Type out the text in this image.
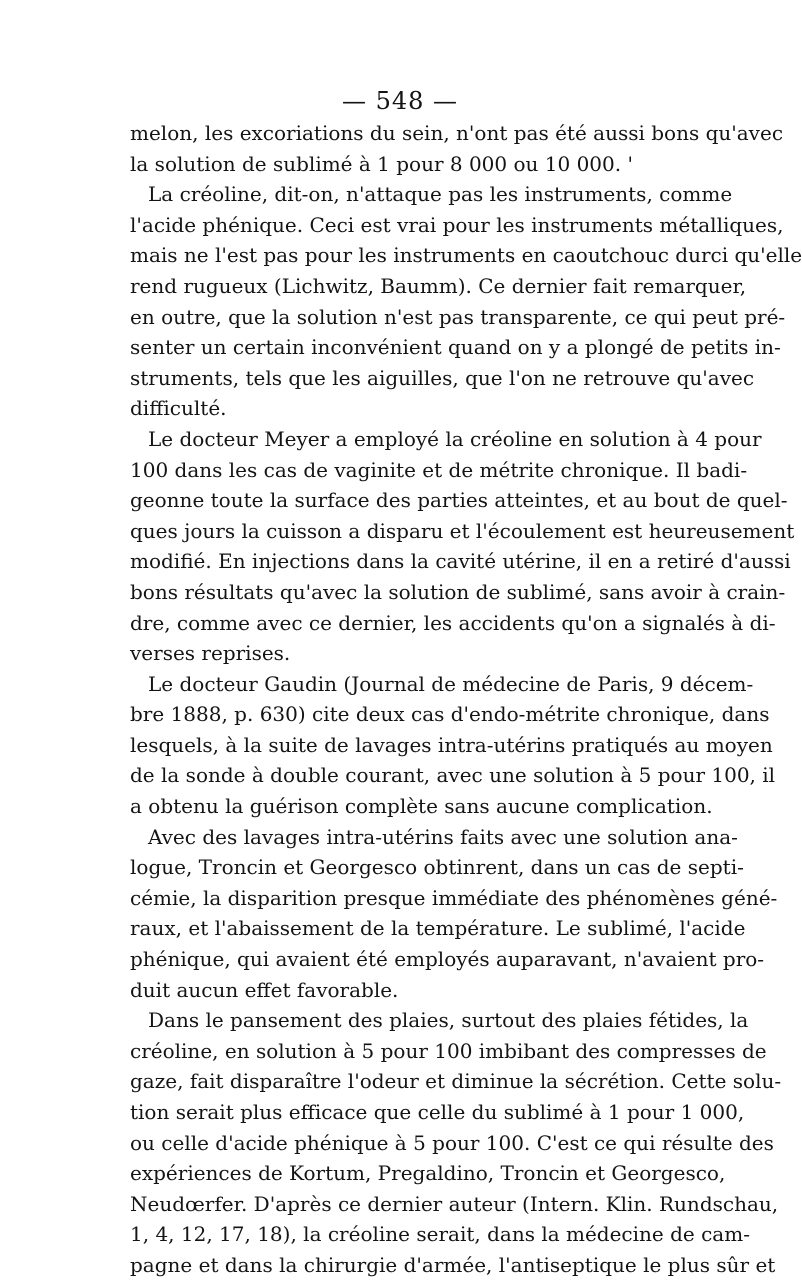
— 548 —

melon, les excoriations du sein, n'ont pas été aussi bons qu'avec
la solution de sublimé à 1 pour 8 000 ou 10 000. '

La créoline, dit-on, n'attaque pas les instruments, comme
l'acide phénique. Ceci est vrai pour les instruments métalliques,
mais ne l'est pas pour les instruments en caoutchouc durci qu'elle
rend rugueux (Lichwitz, Baumm). Ce dernier fait remarquer,
en outre, que la solution n'est pas transparente, ce qui peut pré-
senter un certain inconvénient quand on y a plongé de petits in-
struments, tels que les aiguilles, que l'on ne retrouve qu'avec
difficulté.

Le docteur Meyer a employé la créoline en solution à 4 pour
100 dans les cas de vaginite et de métrite chronique. Il badi-
geonne toute la surface des parties atteintes, et au bout de quel-
ques jours la cuisson a disparu et l'écoulement est heureusement
modifié. En injections dans la cavité utérine, il en a retiré d'aussi
bons résultats qu'avec la solution de sublimé, sans avoir à crain-
dre, comme avec ce dernier, les accidents qu'on a signalés à di-
verses reprises.

Le docteur Gaudin (Journal de médecine de Paris, 9 décem-
bre 1888, p. 630) cite deux cas d'endo-métrite chronique, dans
lesquels, à la suite de lavages intra-utérins pratiqués au moyen
de la sonde à double courant, avec une solution à 5 pour 100, il
a obtenu la guérison complète sans aucune complication.

Avec des lavages intra-utérins faits avec une solution ana-
logue, Troncin et Georgesco obtinrent, dans un cas de septi-
cémie, la disparition presque immédiate des phénomènes géné-
raux, et l'abaissement de la température. Le sublimé, l'acide
phénique, qui avaient été employés auparavant, n'avaient pro-
duit aucun effet favorable.

Dans le pansement des plaies, surtout des plaies fétides, la
créoline, en solution à 5 pour 100 imbibant des compresses de
gaze, fait disparaître l'odeur et diminue la sécrétion. Cette solu-
tion serait plus efficace que celle du sublimé à 1 pour 1 000,
ou celle d'acide phénique à 5 pour 100. C'est ce qui résulte des
expériences de Kortum, Pregaldino, Troncin et Georgesco,
Neudœrfer. D'après ce dernier auteur (Intern. Klin. Rundschau,
1, 4, 12, 17, 18), la créoline serait, dans la médecine de cam-
pagne et dans la chirurgie d'armée, l'antiseptique le plus sûr et
